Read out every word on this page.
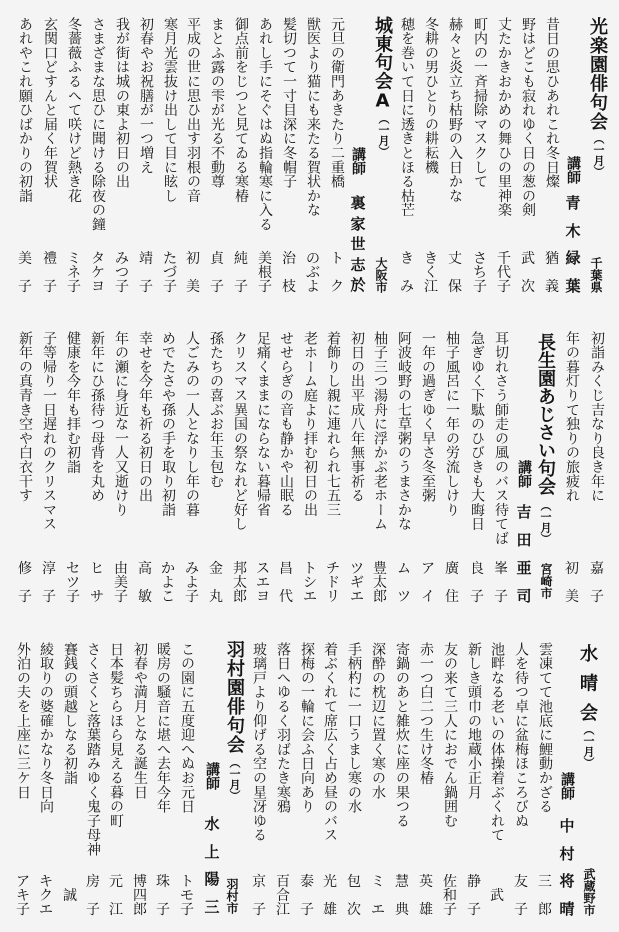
光楽園俳句会
（一月）
講師
青
木
緑
葉 千葉県
昔日の思ひあれこれ冬日燦
猶
義
野はどこも寂れゆく日の葱の剣
武
次
丈たかきおかめの舞ひの里神楽
千
代
子
町内の一斉掃除マスクして
さ
ち
子
赫々と炎立ち枯野の入日かな
丈
保
冬耕の男ひとりの耕耘機
き
く
江
穂を巻いて日に透きとほる枯芒
き
み
城東句会A
（一月）
講師
裏
家
世
志
於 大阪市
元旦の衛門あきたり二重橋
ト
ク
獣医より猫にも来たる賀状かな
の
ぶ
よ
髪切つて一寸目深に冬帽子
治
枝
あれし手にそぐはぬ指輪寒に入る
美
根
子
御点前をじつと見てゐる寒椿
純
子
まとふ露の雫が光る不動尊
貞
子
平成の世に思ひ出す羽根の音
初
美
寒月光雲抜け出して目に眩し
た
づ
子
初春やお祝膳が一つ増え
靖
子
我が街は城の東よ初日の出
み
つ
子
さまざまな思ひに聞ける除夜の鐘
タ
ケ
ヨ
冬薔薇ふるへて咲けど熱き花
ミ
ネ
子
玄関口どすんと届く年賀状
禮
子
あれやこれ願ひばかりの初詣
美
子
初詣みくじ吉なり良き年に
嘉
子
年の暮灯りて独りの旅疲れ
初
美
長生園あじさい句会
（一月）
講師
吉
田
亜
司 宮崎市
耳切れさう師走の風のバス待てば
峯
子
急ぎゆく下駄のひびきも大晦日
良
子
柚子風呂に一年の労流しけり
廣
住
一年の過ぎゆく早さ冬至粥
ア
イ
阿波岐野の七草粥のうまさかな
ム
ツ
柚子三つ湯舟に浮かぶ老ホーム
豊
太
郎
初日の出平成八年無事祈る
ツ
ギ
エ
着飾りし親に連れられ七五三
チ
ド
リ
老ホーム庭より拝む初日の出
ト
シ
エ
せせらぎの音も静かや山眠る
昌
代
足痛くままにならない暮帰省
ス
エ
ヨ
クリスマス異国の祭なれど好し
邦
太
郎
孫たちの喜ぶお年玉包む
金
丸
人ごみの一人となりし年の暮
み
よ
子
めでたさや孫の手を取り初詣
か
よ
こ
幸せを今年も祈る初日の出
高
敏
年の瀬に身近な一人又逝けり
由
美
子
新年にひ孫待つ母背を丸め
ヒ
サ
健康を今年も拝む初詣
セ
ツ
子
子等帰り一日遅れのクリスマス
淳
子
新年の真青き空や白衣干す
修
子
水晴会
（一月）
講師
中
村
将
晴 武蔵野市
雲凍てて池底に鯉動かざる
三
郎
人を待つ卓に盆梅ほころびぬ
友
子
池畔なる老いの体操着ぶくれて
武
新しき頭巾の地蔵小正月
静
子
友の来て三人におでん鍋囲む
佐
和
子
赤一つ白二つ生け冬椿
英
雄
寄鍋のあと雑炊に座の果つる
慧
典
深酔の枕辺に置く寒の水
ミ
エ
手柄杓に一口うまし寒の水
包
次
着ぶくれて席広く占め昼のバス
光
雄
探梅の一輪に会ふ日向あり
泰
子
落日へゆるく羽ばたき寒鴉
百
合
江
玻璃戸より仰げる空の星冴ゆる
京
子
羽村園俳句会
（一月）
講師
水
上
陽
三 羽村市
この園に五度迎へぬお元日
ト
モ
子
暖房の騒音に堪へ去年今年
珠
子
初春や満月となる誕生日
博
四
郎
日本髪ちらほら見える暮の町
元
江
さくさくと落葉踏みゆく鬼子母神
房
子
賽銭の頭越しなる初詣
誠
綾取りの婆確かなり冬日向
キ
ク
エ
外泊の夫を上座に三ケ日
ア
キ
子
